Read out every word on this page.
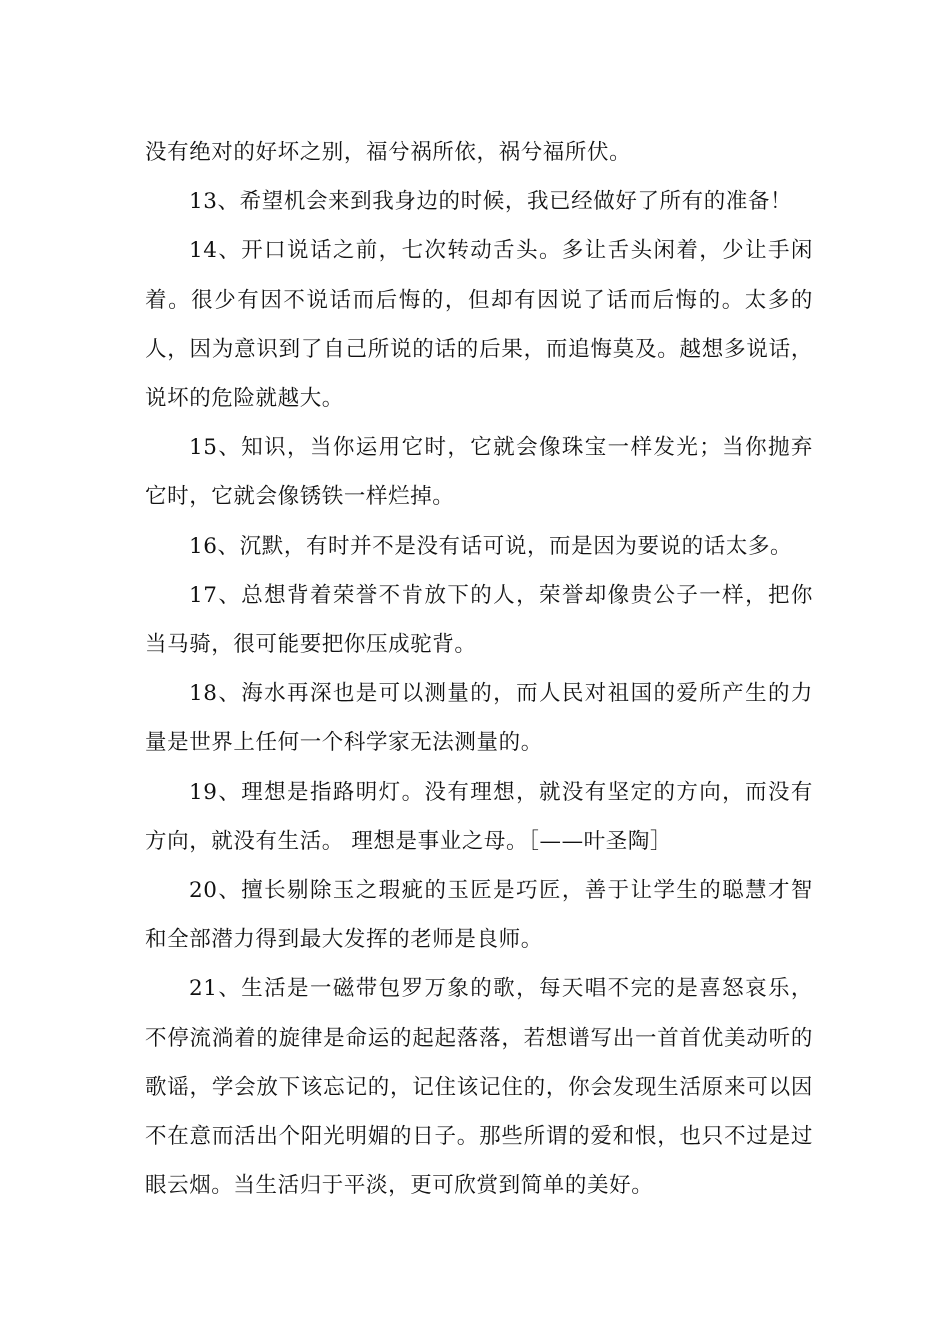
没有绝对的好坏之别，福兮祸所依，祸兮福所伏。

13、希望机会来到我身边的时候，我已经做好了所有的准备！

14、开口说话之前，七次转动舌头。多让舌头闲着，少让手闲着。很少有因不说话而后悔的，但却有因说了话而后悔的。太多的人，因为意识到了自己所说的话的后果，而追悔莫及。越想多说话，说坏的危险就越大。

15、知识，当你运用它时，它就会像珠宝一样发光；当你抛弃它时，它就会像锈铁一样烂掉。

16、沉默，有时并不是没有话可说，而是因为要说的话太多。

17、总想背着荣誉不肯放下的人，荣誉却像贵公子一样，把你当马骑，很可能要把你压成驼背。

18、海水再深也是可以测量的，而人民对祖国的爱所产生的力量是世界上任何一个科学家无法测量的。

19、理想是指路明灯。没有理想，就没有坚定的方向，而没有方向，就没有生活。 理想是事业之母。［——叶圣陶］

20、擅长剔除玉之瑕疵的玉匠是巧匠，善于让学生的聪慧才智和全部潜力得到最大发挥的老师是良师。

21、生活是一磁带包罗万象的歌，每天唱不完的是喜怒哀乐，不停流淌着的旋律是命运的起起落落，若想谱写出一首首优美动听的歌谣，学会放下该忘记的，记住该记住的，你会发现生活原来可以因不在意而活出个阳光明媚的日子。那些所谓的爱和恨，也只不过是过眼云烟。当生活归于平淡，更可欣赏到简单的美好。
